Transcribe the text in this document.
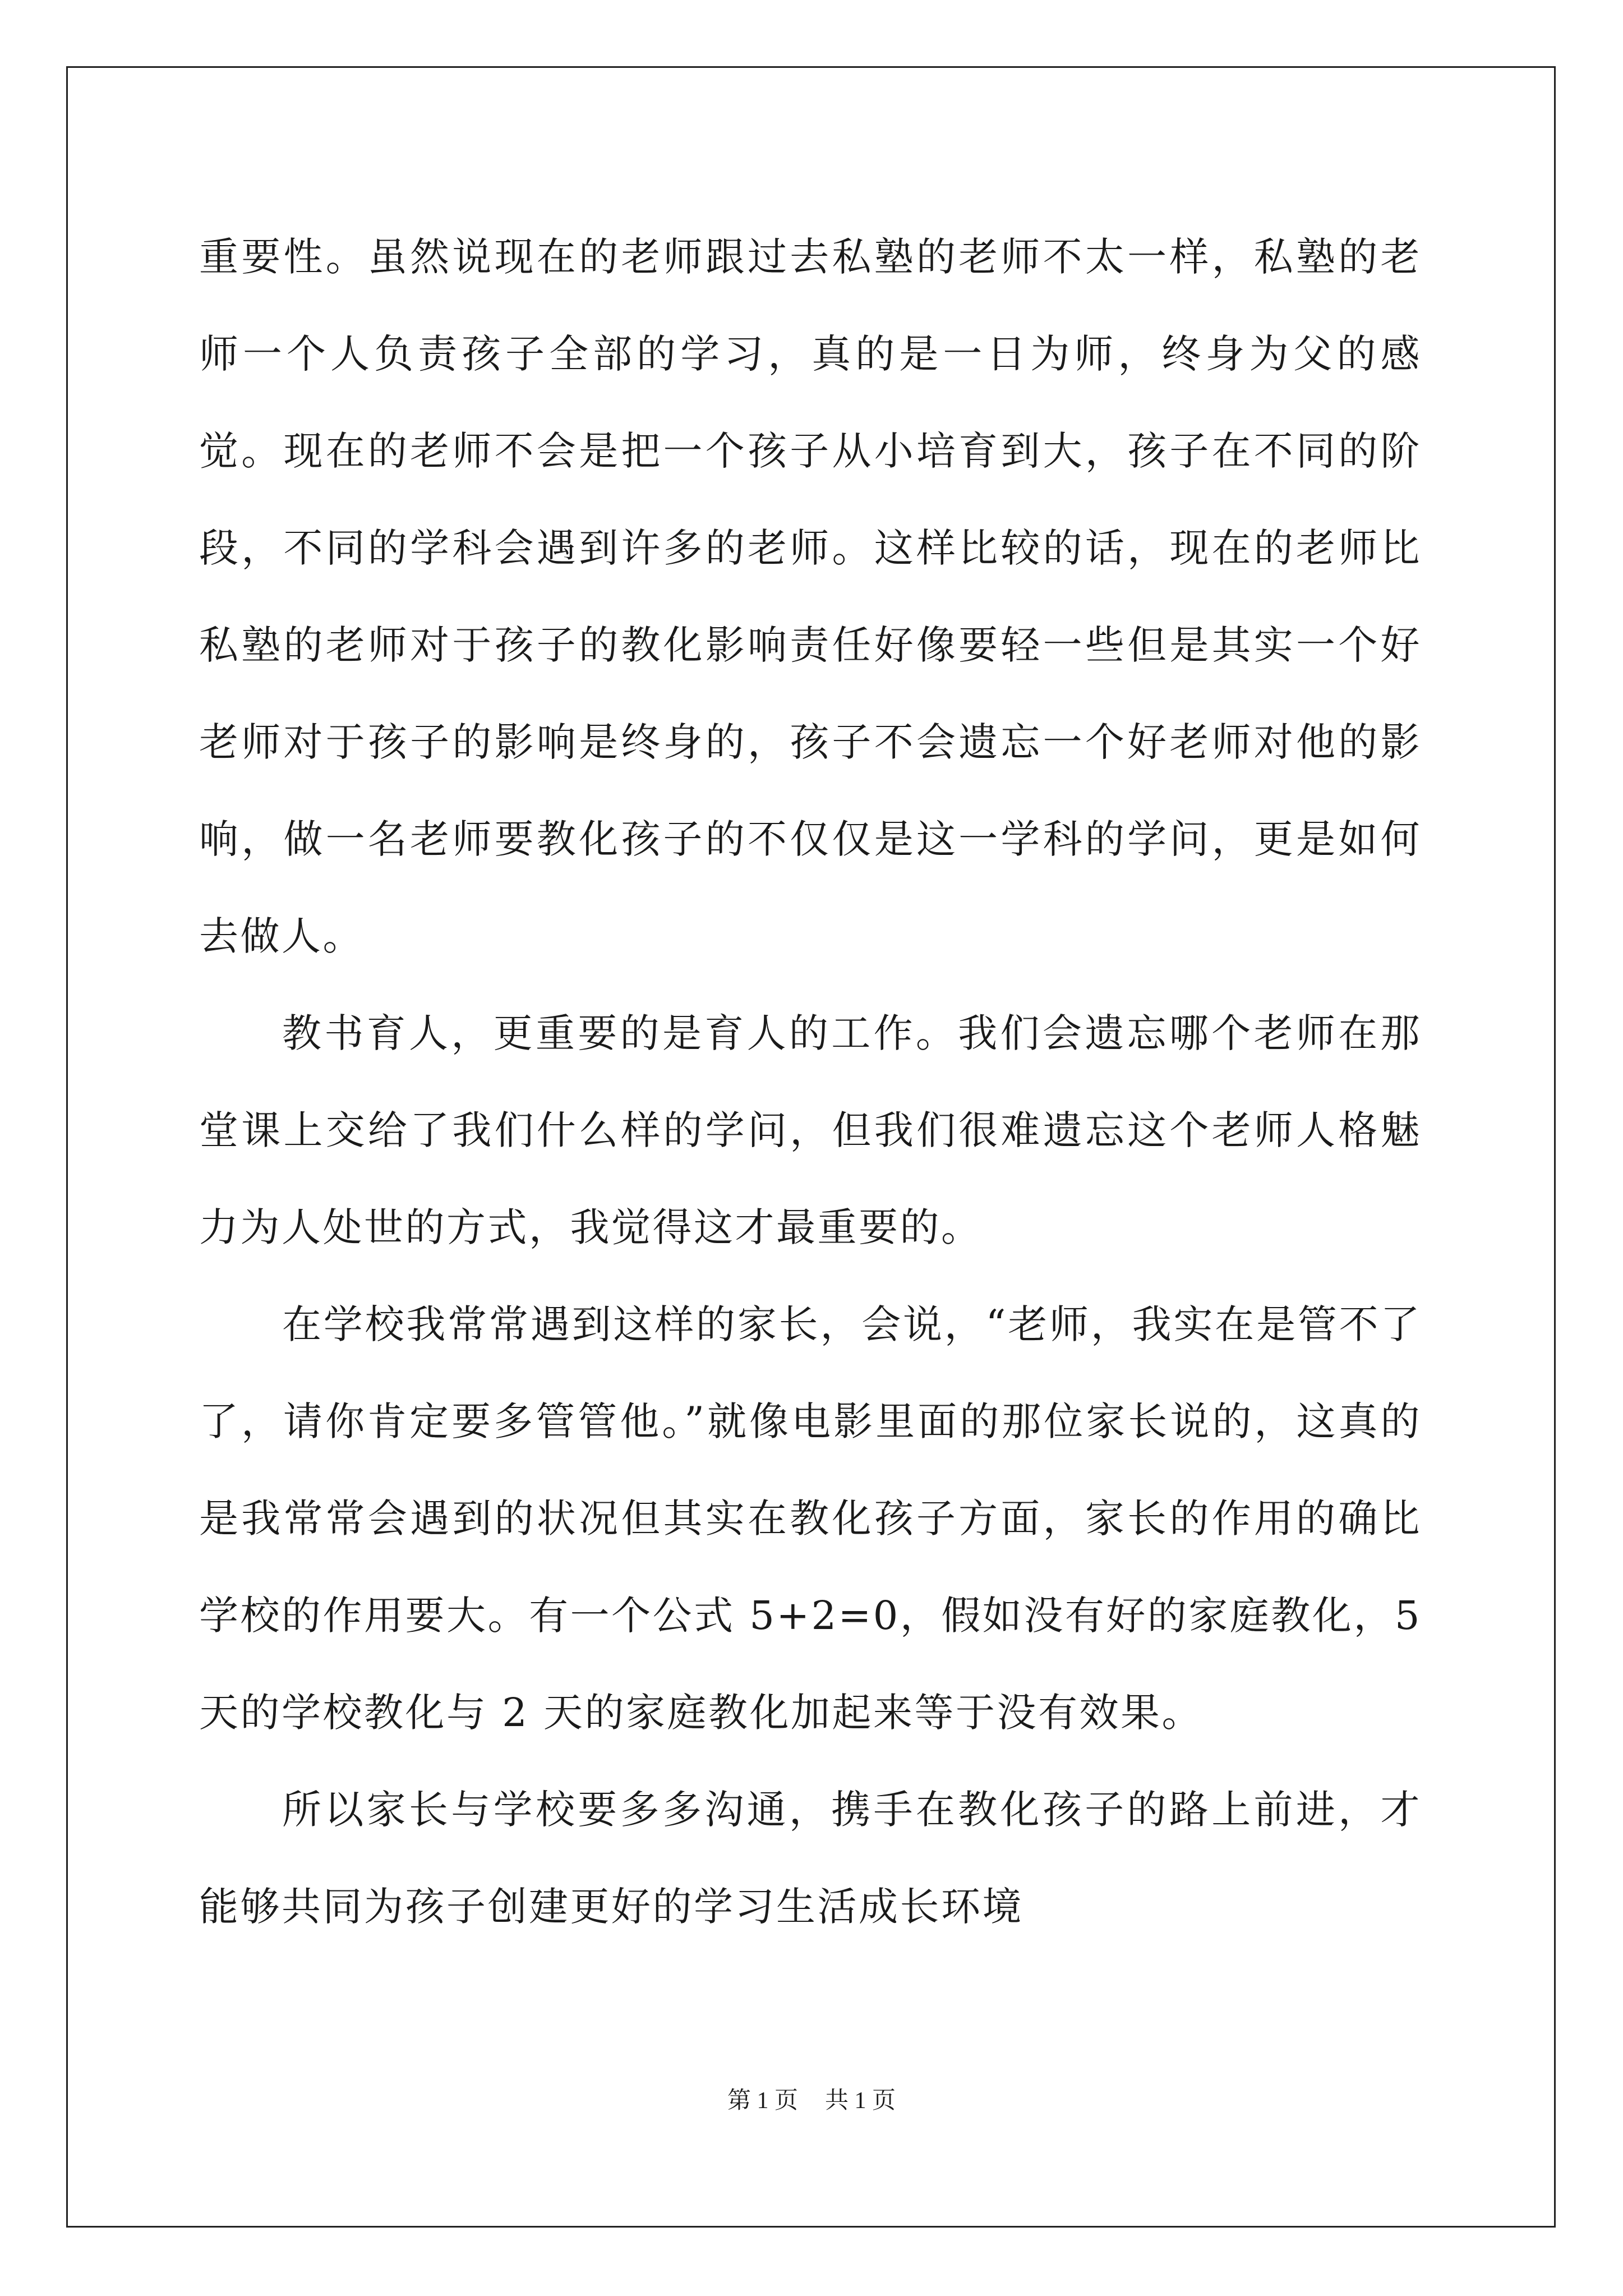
重要性。虽然说现在的老师跟过去私塾的老师不太一样，私塾的老师一个人负责孩子全部的学习，真的是一日为师，终身为父的感觉。现在的老师不会是把一个孩子从小培育到大，孩子在不同的阶段，不同的学科会遇到许多的老师。这样比较的话，现在的老师比私塾的老师对于孩子的教化影响责任好像要轻一些但是其实一个好老师对于孩子的影响是终身的，孩子不会遗忘一个好老师对他的影响，做一名老师要教化孩子的不仅仅是这一学科的学问，更是如何去做人。

教书育人，更重要的是育人的工作。我们会遗忘哪个老师在那堂课上交给了我们什么样的学问，但我们很难遗忘这个老师人格魅力为人处世的方式，我觉得这才最重要的。

在学校我常常遇到这样的家长，会说，“老师，我实在是管不了了，请你肯定要多管管他。”就像电影里面的那位家长说的，这真的是我常常会遇到的状况但其实在教化孩子方面，家长的作用的确比学校的作用要大。有一个公式 5+2=0，假如没有好的家庭教化，5 天的学校教化与 2 天的家庭教化加起来等于没有效果。

所以家长与学校要多多沟通，携手在教化孩子的路上前进，才能够共同为孩子创建更好的学习生活成长环境

第 1 页 共 1 页
